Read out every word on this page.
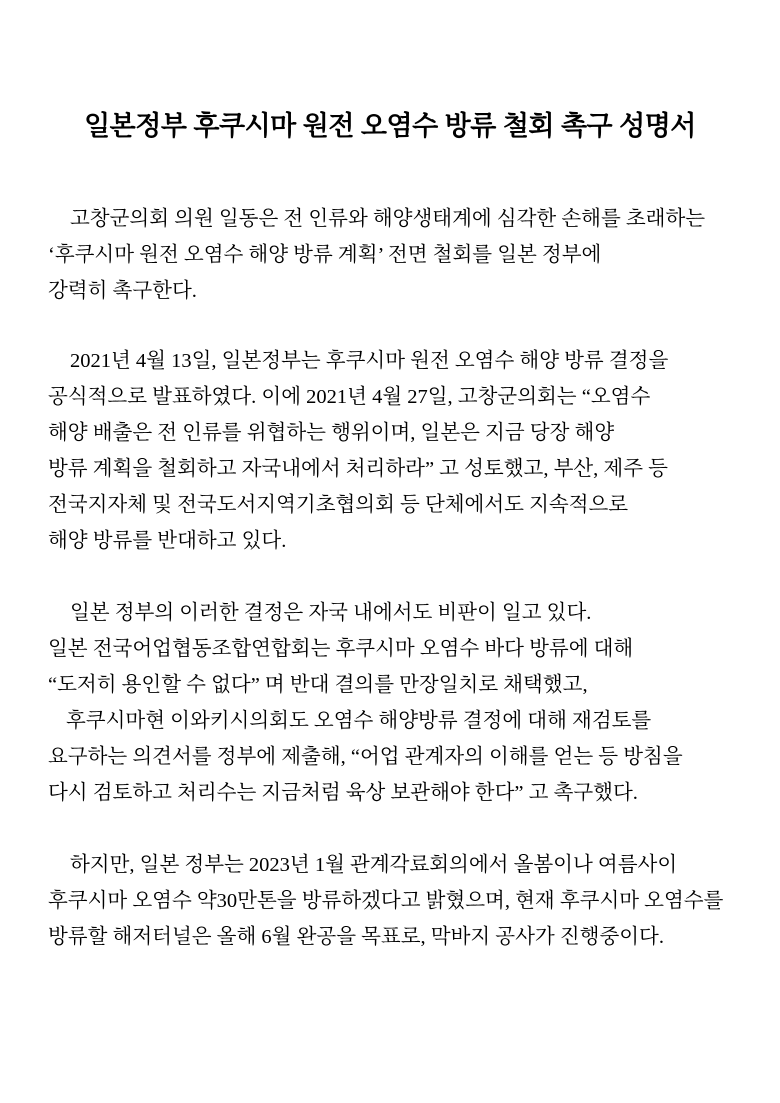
일본정부 후쿠시마 원전 오염수 방류 철회 촉구 성명서

고창군의회 의원 일동은 전 인류와 해양생태계에 심각한 손해를 초래하는
‘후쿠시마 원전 오염수 해양 방류 계획’ 전면 철회를 일본 정부에
강력히 촉구한다.

2021년 4월 13일, 일본정부는 후쿠시마 원전 오염수 해양 방류 결정을
공식적으로 발표하였다. 이에 2021년 4월 27일, 고창군의회는 “오염수
해양 배출은 전 인류를 위협하는 행위이며, 일본은 지금 당장 해양
방류 계획을 철회하고 자국내에서 처리하라” 고 성토했고, 부산, 제주 등
전국지자체 및 전국도서지역기초협의회 등 단체에서도 지속적으로
해양 방류를 반대하고 있다.

일본 정부의 이러한 결정은 자국 내에서도 비판이 일고 있다.
일본 전국어업협동조합연합회는 후쿠시마 오염수 바다 방류에 대해
“도저히 용인할 수 없다” 며 반대 결의를 만장일치로 채택했고,
후쿠시마현 이와키시의회도 오염수 해양방류 결정에 대해 재검토를
요구하는 의견서를 정부에 제출해, “어업 관계자의 이해를 얻는 등 방침을
다시 검토하고 처리수는 지금처럼 육상 보관해야 한다” 고 촉구했다.

하지만, 일본 정부는 2023년 1월 관계각료회의에서 올봄이나 여름사이
후쿠시마 오염수 약30만톤을 방류하겠다고 밝혔으며, 현재 후쿠시마 오염수를
방류할 해저터널은 올해 6월 완공을 목표로, 막바지 공사가 진행중이다.
